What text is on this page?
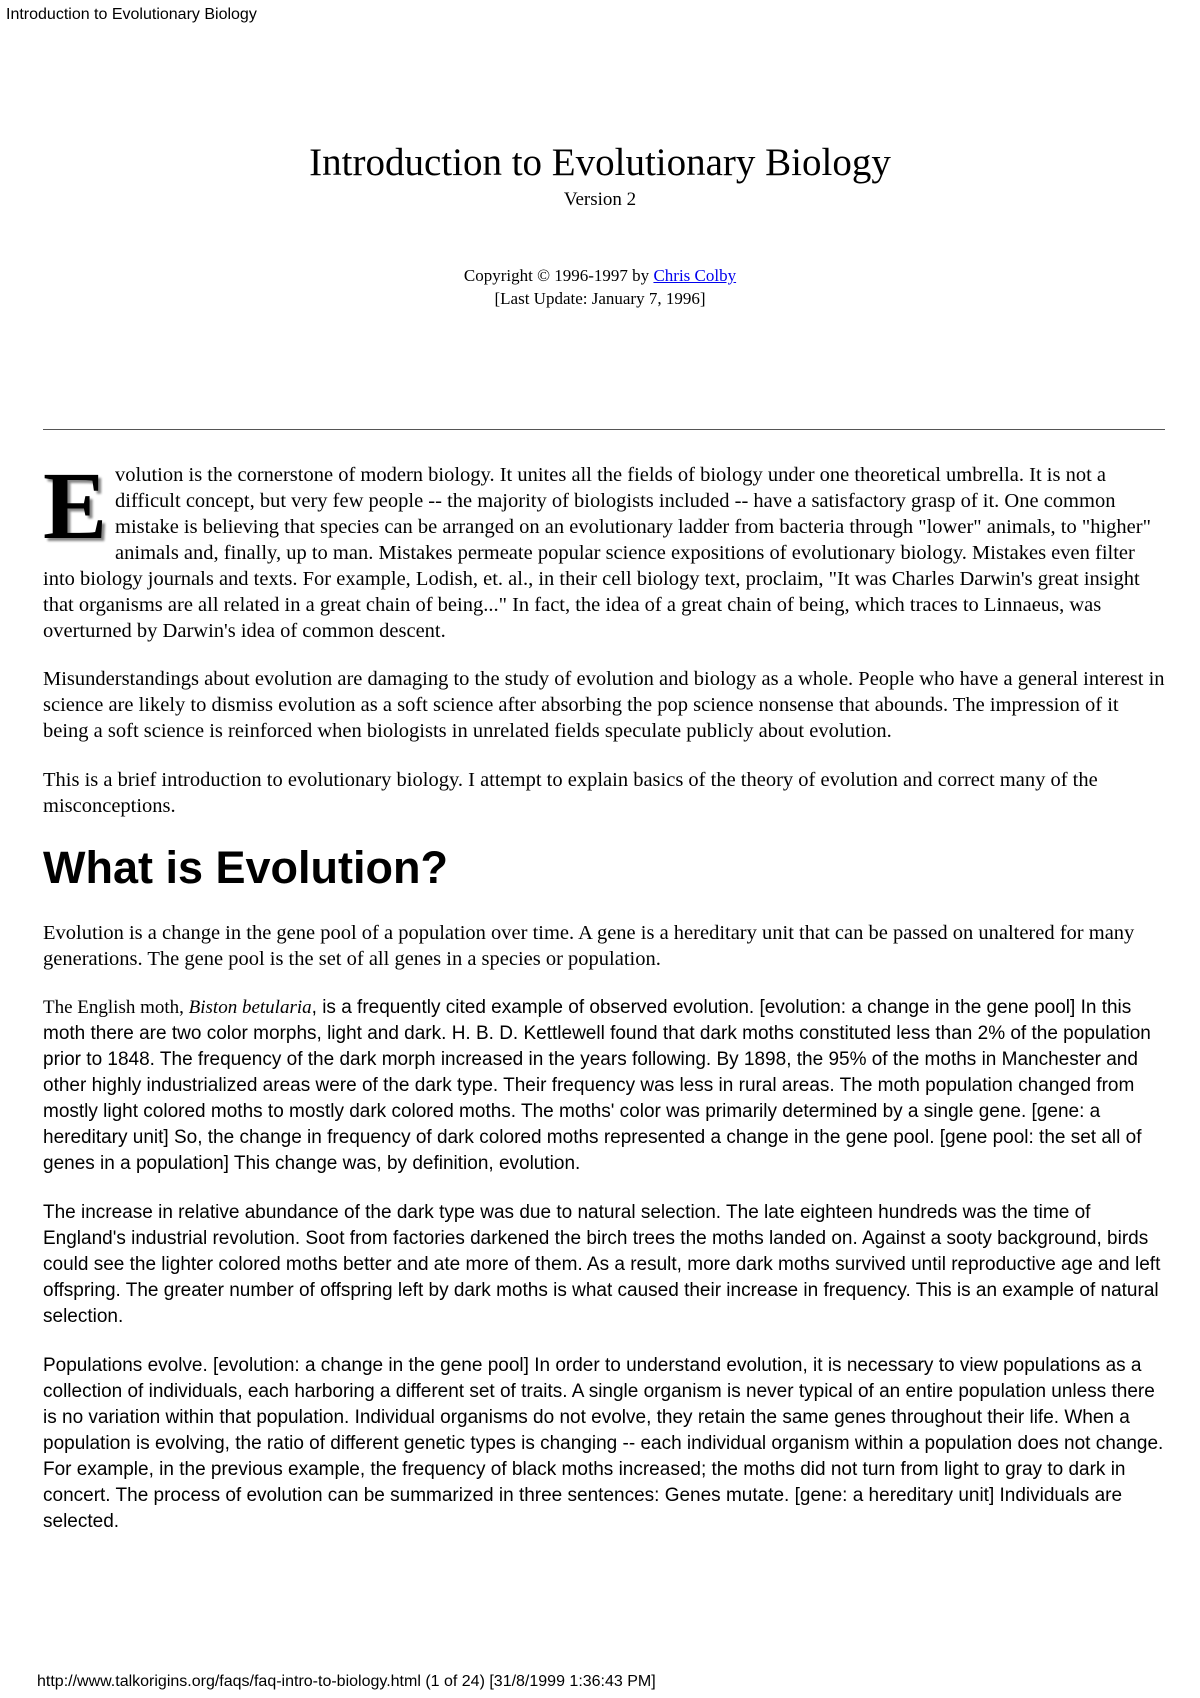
Introduction to Evolutionary Biology
Introduction to Evolutionary Biology
Version 2
Copyright © 1996-1997 by Chris Colby
[Last Update: January 7, 1996]

Evolution is the cornerstone of modern biology. It unites all the fields of biology under one theoretical umbrella. It is not a difficult concept, but very few people -- the majority of biologists included -- have a satisfactory grasp of it. One common mistake is believing that species can be arranged on an evolutionary ladder from bacteria through "lower" animals, to "higher" animals and, finally, up to man. Mistakes permeate popular science expositions of evolutionary biology. Mistakes even filter into biology journals and texts. For example, Lodish, et. al., in their cell biology text, proclaim, "It was Charles Darwin's great insight that organisms are all related in a great chain of being..." In fact, the idea of a great chain of being, which traces to Linnaeus, was overturned by Darwin's idea of common descent.

Misunderstandings about evolution are damaging to the study of evolution and biology as a whole. People who have a general interest in science are likely to dismiss evolution as a soft science after absorbing the pop science nonsense that abounds. The impression of it being a soft science is reinforced when biologists in unrelated fields speculate publicly about evolution.

This is a brief introduction to evolutionary biology. I attempt to explain basics of the theory of evolution and correct many of the misconceptions.

What is Evolution?

Evolution is a change in the gene pool of a population over time. A gene is a hereditary unit that can be passed on unaltered for many generations. The gene pool is the set of all genes in a species or population.

The English moth, Biston betularia, is a frequently cited example of observed evolution. [evolution: a change in the gene pool] In this moth there are two color morphs, light and dark. H. B. D. Kettlewell found that dark moths constituted less than 2% of the population prior to 1848. The frequency of the dark morph increased in the years following. By 1898, the 95% of the moths in Manchester and other highly industrialized areas were of the dark type. Their frequency was less in rural areas. The moth population changed from mostly light colored moths to mostly dark colored moths. The moths' color was primarily determined by a single gene. [gene: a hereditary unit] So, the change in frequency of dark colored moths represented a change in the gene pool. [gene pool: the set all of genes in a population] This change was, by definition, evolution.

The increase in relative abundance of the dark type was due to natural selection. The late eighteen hundreds was the time of England's industrial revolution. Soot from factories darkened the birch trees the moths landed on. Against a sooty background, birds could see the lighter colored moths better and ate more of them. As a result, more dark moths survived until reproductive age and left offspring. The greater number of offspring left by dark moths is what caused their increase in frequency. This is an example of natural selection.

Populations evolve. [evolution: a change in the gene pool] In order to understand evolution, it is necessary to view populations as a collection of individuals, each harboring a different set of traits. A single organism is never typical of an entire population unless there is no variation within that population. Individual organisms do not evolve, they retain the same genes throughout their life. When a population is evolving, the ratio of different genetic types is changing -- each individual organism within a population does not change. For example, in the previous example, the frequency of black moths increased; the moths did not turn from light to gray to dark in concert. The process of evolution can be summarized in three sentences: Genes mutate. [gene: a hereditary unit] Individuals are selected.

http://www.talkorigins.org/faqs/faq-intro-to-biology.html (1 of 24) [31/8/1999 1:36:43 PM]
